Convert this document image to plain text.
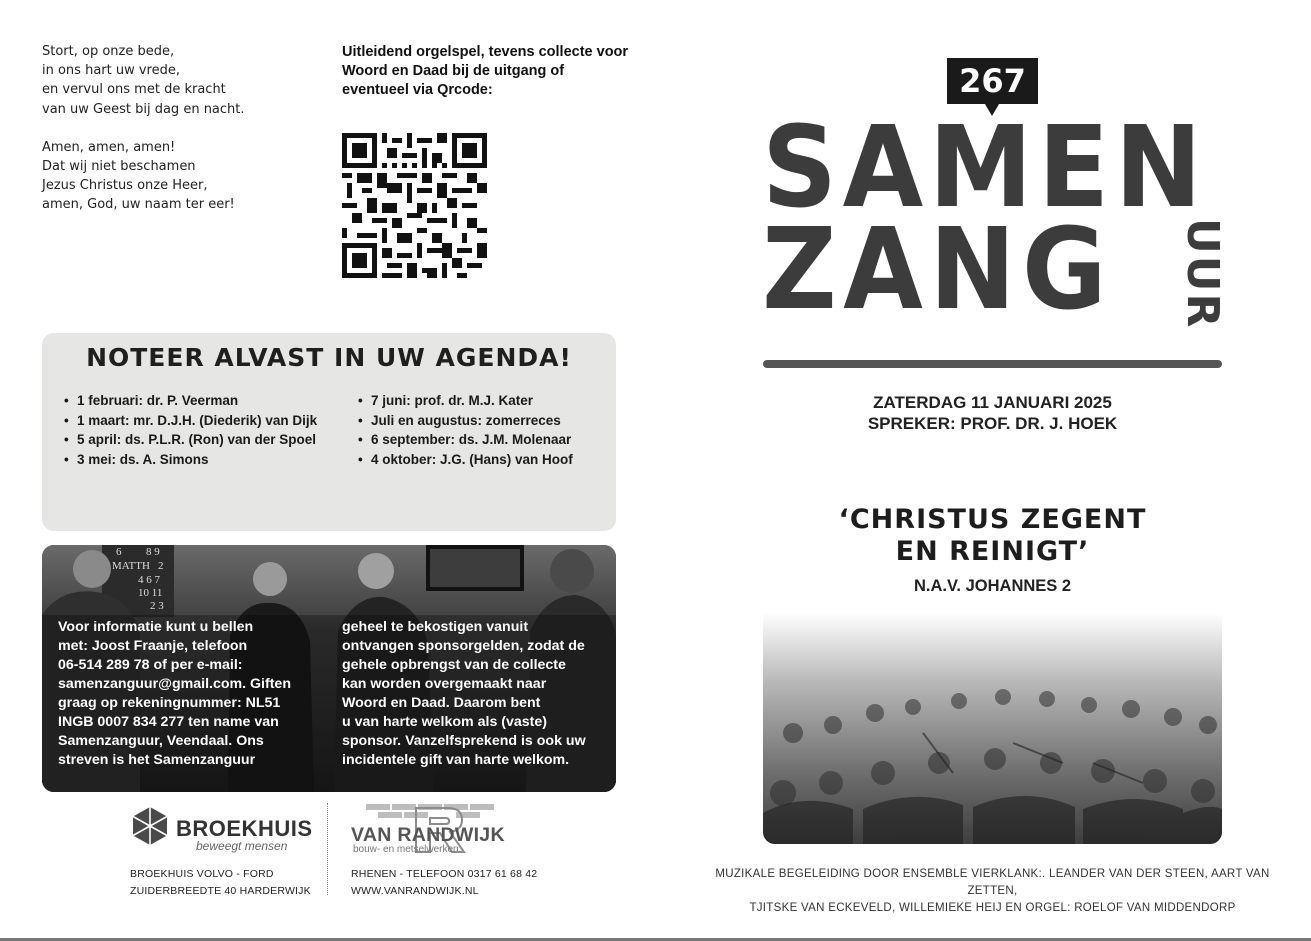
Stort, op onze bede,
in ons hart uw vrede,
en vervul ons met de kracht
van uw Geest bij dag en nacht.
Amen, amen, amen!
Dat wij niet beschamen
Jezus Christus onze Heer,
amen, God, uw naam ter eer!
Uitleidend orgelspel, tevens collecte voor Woord en Daad bij de uitgang of eventueel via Qrcode:
NOTEER ALVAST IN UW AGENDA!
• 1 februari: dr. P. Veerman
• 1 maart: mr. D.J.H. (Diederik) van Dijk
• 5 april: ds. P.L.R. (Ron) van der Spoel
• 3 mei: ds. A. Simons
• 7 juni: prof. dr. M.J. Kater
• Juli en augustus: zomerreces
• 6 september: ds. J.M. Molenaar
• 4 oktober: J.G. (Hans) van Hoof
6 8 9
MATTH 2
4 6 7
10 11
2 3
Voor informatie kunt u bellen
met: Joost Fraanje, telefoon
06-514 289 78 of per e-mail:
samenzanguur@gmail.com. Giften
graag op rekeningnummer: NL51
INGB 0007 834 277 ten name van
Samenzanguur, Veendaal. Ons
streven is het Samenzanguur
geheel te bekostigen vanuit
ontvangen sponsorgelden, zodat de
gehele opbrengst van de collecte
kan worden overgemaakt naar
Woord en Daad. Daarom bent
u van harte welkom als (vaste)
sponsor. Vanzelfsprekend is ook uw
incidentele gift van harte welkom.
BROEKHUIS
beweegt mensen
BROEKHUIS VOLVO - FORD
ZUIDERBREEDTE 40 HARDERWIJK
VAN RANDWIJK
bouw- en metselwerken
RHENEN - TELEFOON 0317 61 68 42
WWW.VANRANDWIJK.NL
267
SAMEN
ZANG UUR
ZATERDAG 11 JANUARI 2025
SPREKER: PROF. DR. J. HOEK
‘CHRISTUS ZEGENT
EN REINIGT’
N.A.V. JOHANNES 2
MUZIKALE BEGELEIDING DOOR ENSEMBLE VIERKLANK:. LEANDER VAN DER STEEN, AART VAN ZETTEN,
TJITSKE VAN ECKEVELD, WILLEMIEKE HEIJ EN ORGEL: ROELOF VAN MIDDENDORP
